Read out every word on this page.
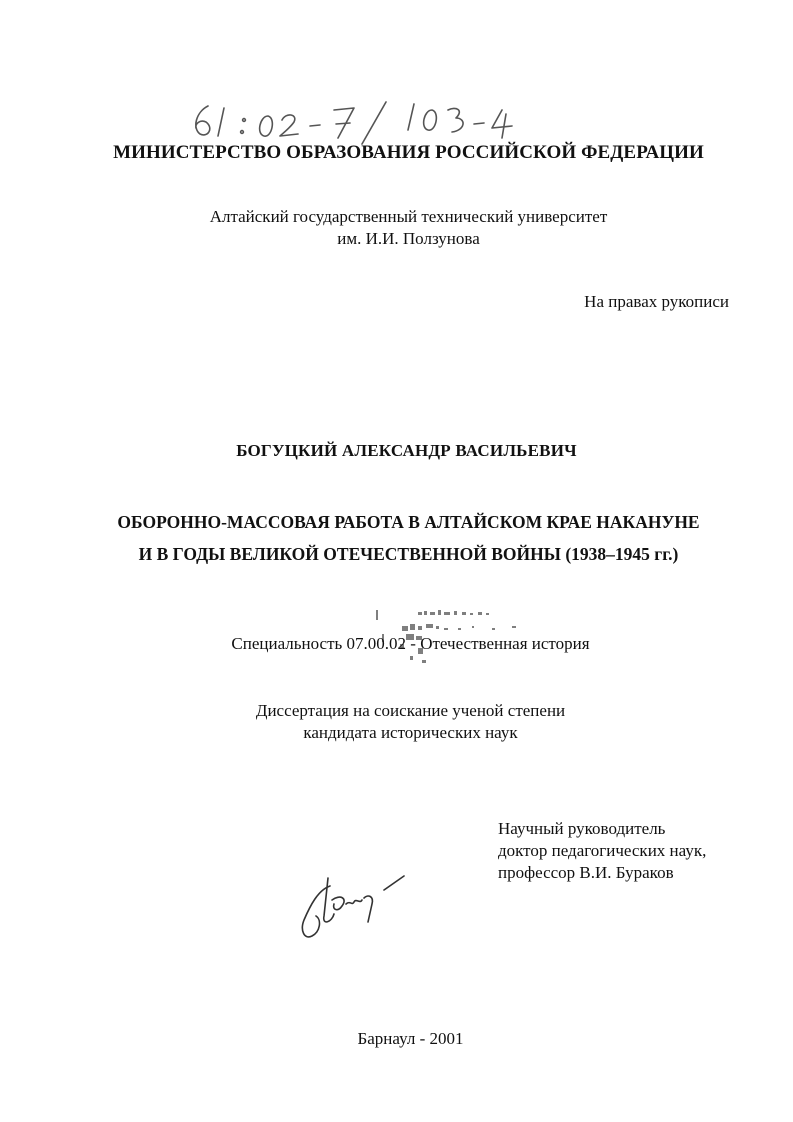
МИНИСТЕРСТВО ОБРАЗОВАНИЯ РОССИЙСКОЙ ФЕДЕРАЦИИ
Алтайский государственный технический университет
им. И.И. Ползунова
На правах рукописи
БОГУЦКИЙ АЛЕКСАНДР ВАСИЛЬЕВИЧ
ОБОРОННО-МАССОВАЯ РАБОТА В АЛТАЙСКОМ КРАЕ НАКАНУНЕ
И В ГОДЫ ВЕЛИКОЙ ОТЕЧЕСТВЕННОЙ ВОЙНЫ (1938–1945 гг.)
Специальность 07.00.02 - Отечественная история
Диссертация на соискание ученой степени
кандидата исторических наук
Научный руководитель
доктор педагогических наук,
профессор В.И. Бураков
Барнаул - 2001
